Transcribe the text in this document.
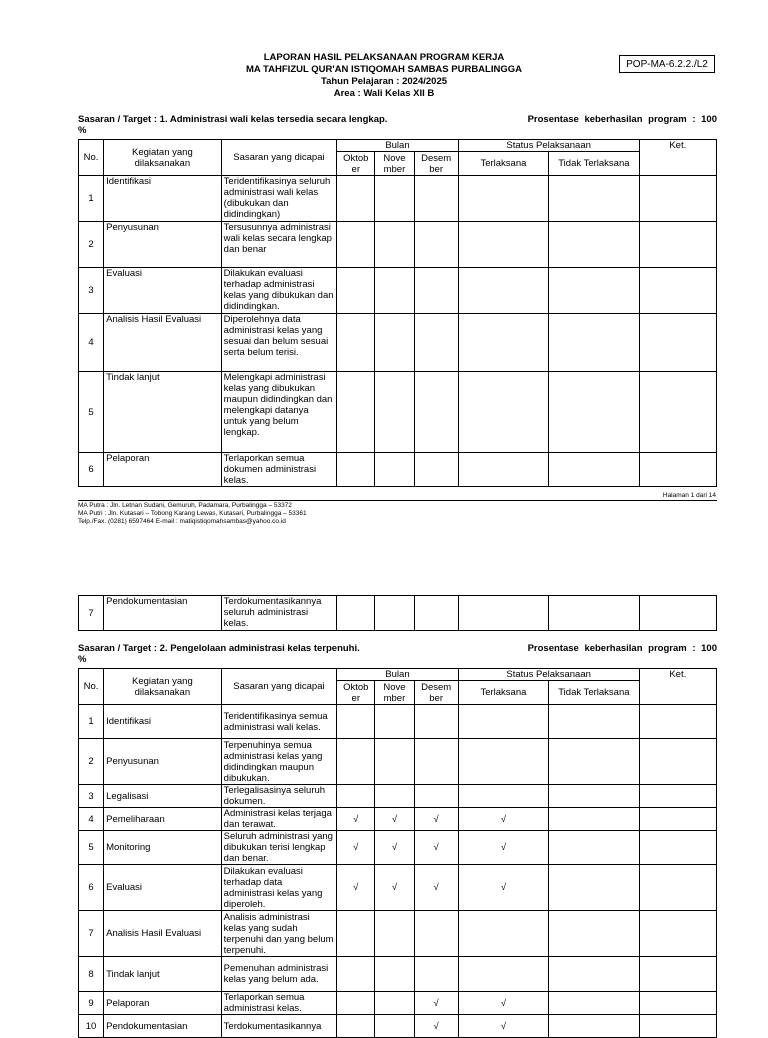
LAPORAN HASIL PELAKSANAAN PROGRAM KERJA
MA TAHFIZUL QUR'AN ISTIQOMAH SAMBAS PURBALINGGA
Tahun Pelajaran : 2024/2025
Area : Wali Kelas XII B
POP-MA-6.2.2./L2
Sasaran / Target : 1. Administrasi wali kelas tersedia secara lengkap.	Prosentase keberhasilan program : 100
%
No.	Kegiatan yang dilaksanakan	Sasaran yang dicapai	Bulan			Status Pelaksanaan		Ket.
			Oktob er	Nove mber	Desem ber	Terlaksana	Tidak Terlaksana	
1	Identifikasi	Teridentifikasinya seluruh administrasi wali kelas (dibukukan dan didindingkan)						
2	Penyusunan	Tersusunnya administrasi wali kelas secara lengkap dan benar						
3	Evaluasi	Dilakukan evaluasi terhadap administrasi kelas yang dibukukan dan didindingkan.						
4	Analisis Hasil Evaluasi	Diperolehnya data administrasi kelas yang sesuai dan belum sesuai serta belum terisi.						
5	Tindak lanjut	Melengkapi administrasi kelas yang dibukukan maupun didindingkan dan melengkapi datanya untuk yang belum lengkap.						
6	Pelaporan	Terlaporkan semua dokumen administrasi kelas.						
Halaman 1 dari 14
MA Putra : Jln. Letnan Sudani, Gemuruh, Padamara, Purbalingga – 53372
MA Putri : Jln. Kutasari – Tobong Karang Lewas, Kutasari, Purbalingga – 53361
Telp./Fax. (0281) 6597464 E-mail : matiqistiqomahsambas@yahoo.co.id
7	Pendokumentasian	Terdokumentasikannya seluruh administrasi kelas.						
Sasaran / Target : 2. Pengelolaan administrasi kelas terpenuhi.	Prosentase keberhasilan program : 100
%
No.	Kegiatan yang dilaksanakan	Sasaran yang dicapai	Bulan			Status Pelaksanaan		Ket.
			Oktob er	Nove mber	Desem ber	Terlaksana	Tidak Terlaksana	
1	Identifikasi	Teridentifikasinya semua administrasi wali kelas.						
2	Penyusunan	Terpenuhinya semua administrasi kelas yang didindingkan maupun dibukukan.						
3	Legalisasi	Terlegalisasinya seluruh dokumen.						
4	Pemeliharaan	Administrasi kelas terjaga dan terawat.	√	√	√	√		
5	Monitoring	Seluruh administrasi yang dibukukan terisi lengkap dan benar.	√	√	√	√		
6	Evaluasi	Dilakukan evaluasi terhadap data administrasi kelas yang diperoleh.	√	√	√	√		
7	Analisis Hasil Evaluasi	Analisis administrasi kelas yang sudah terpenuhi dan yang belum terpenuhi.						
8	Tindak lanjut	Pemenuhan administrasi kelas yang belum ada.						
9	Pelaporan	Terlaporkan semua administrasi kelas.			√	√		
10	Pendokumentasian	Terdokumentasikannya			√	√		
